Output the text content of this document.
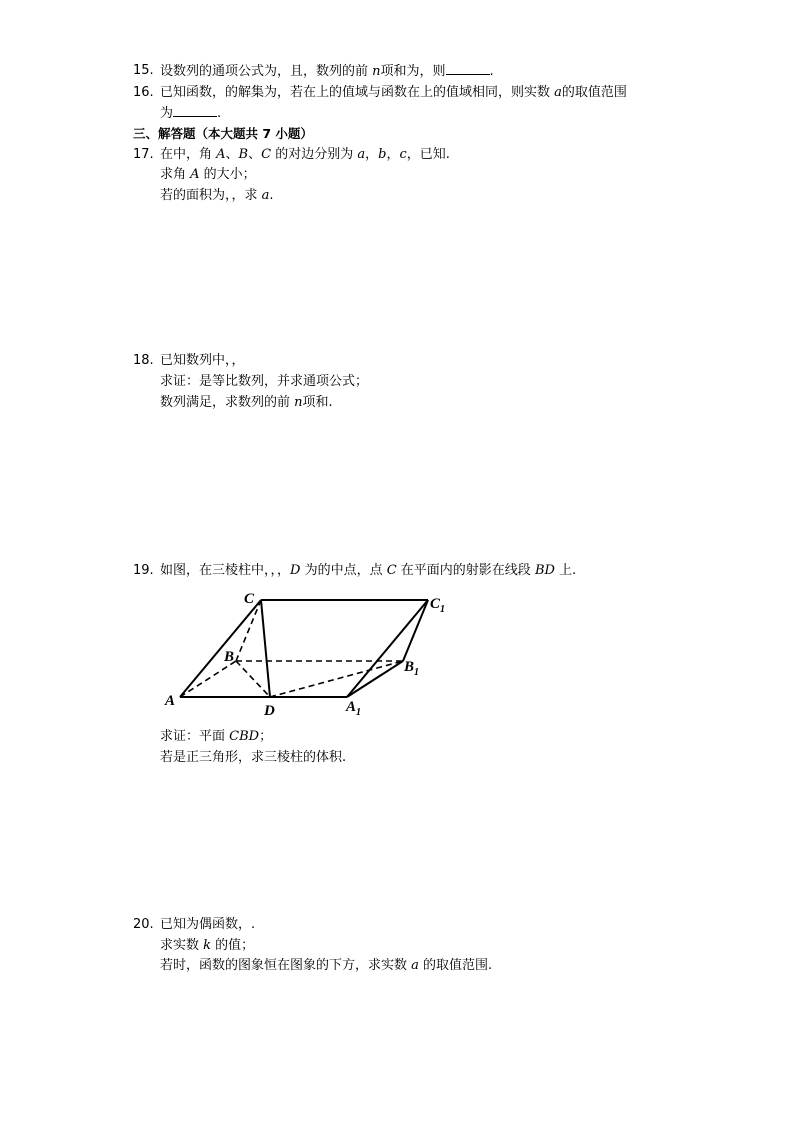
15. 设数列的通项公式为，且，数列的前 n项和为，则	.
16. 已知函数，的解集为，若在上的值域与函数在上的值域相同，则实数 a的取值范围
为	.
三、解答题（本大题共 7 小题）
17. 在中，角 A、B、C 的对边分别为 a，b，c，已知.
求角 A 的大小；
若的面积为，，求 a.
18. 已知数列中，，
求证：是等比数列，并求通项公式；
数列满足，求数列的前 n项和.
19. 如图，在三棱柱中，，，D 为的中点，点 C 在平面内的射影在线段 BD 上.
C	$C_1$
B
$B_1$
A
D	$A_1$
求证：平面 CBD；
若是正三角形，求三棱柱的体积.
20. 已知为偶函数，.
求实数 k 的值；
若时，函数的图象恒在图象的下方，求实数 a 的取值范围.
